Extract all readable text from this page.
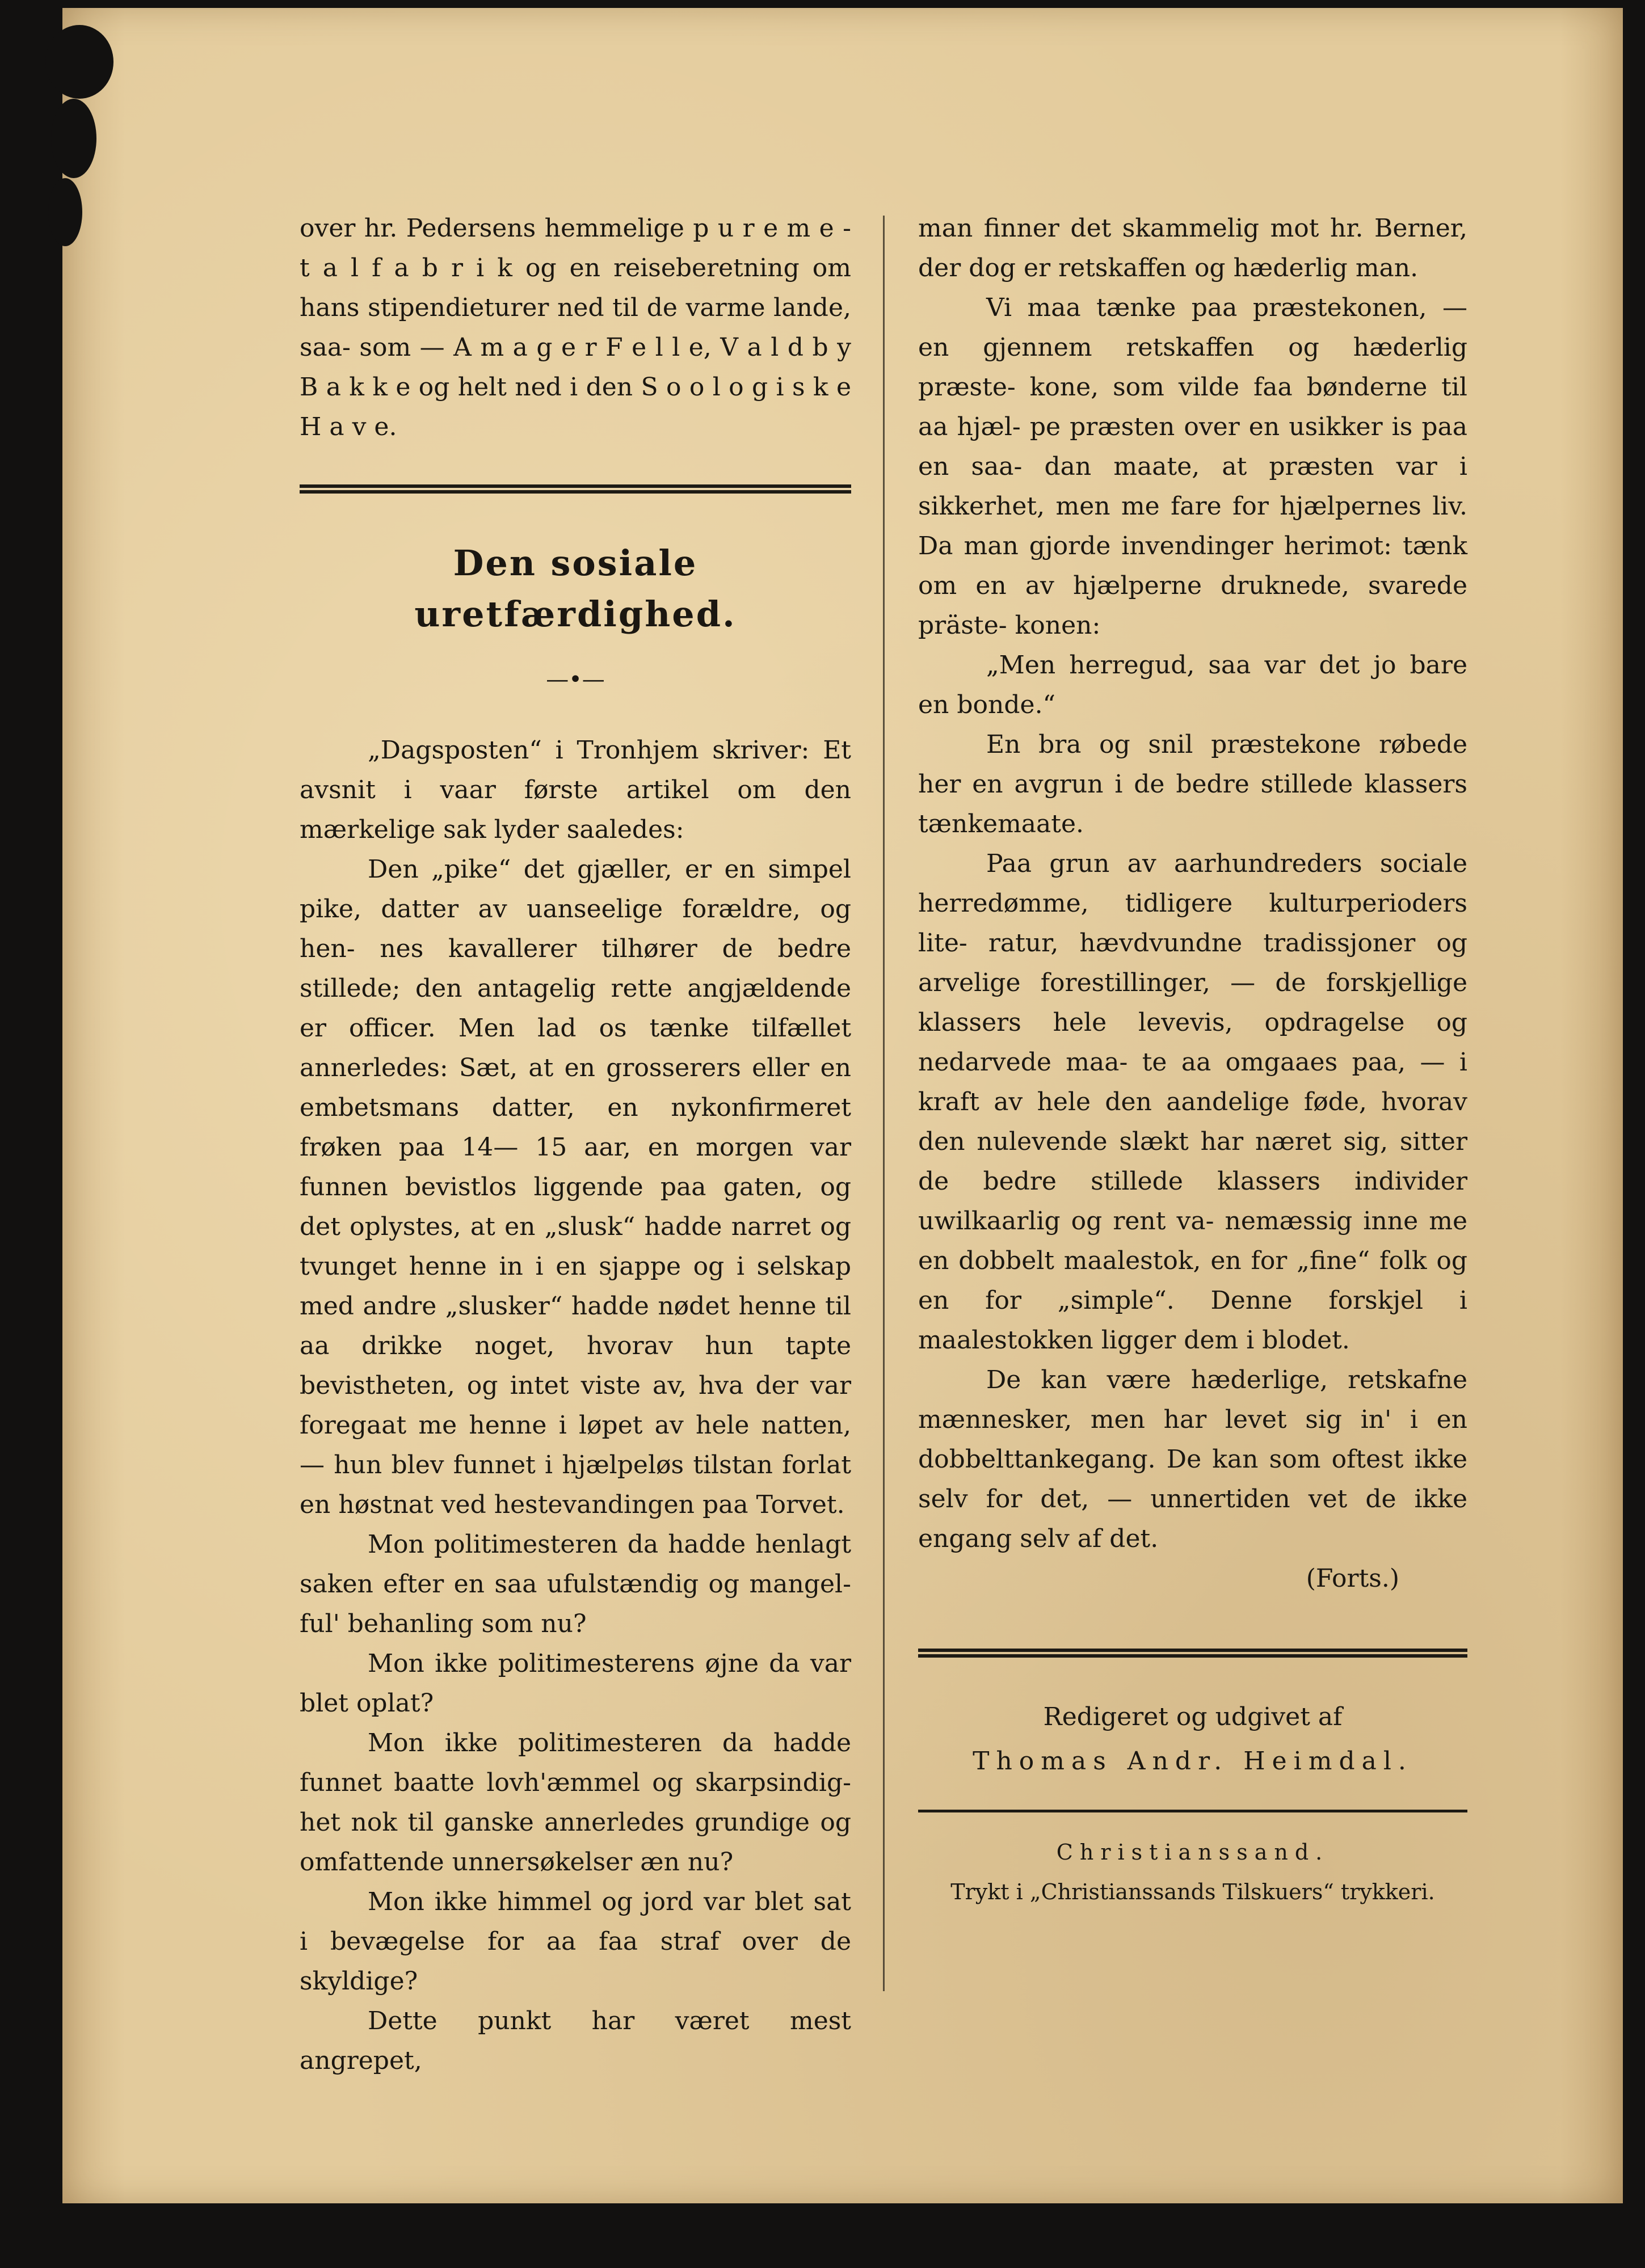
over hr. Pedersens hemmelige p u r e m e - t a l f a b r i k og en reiseberetning om hans stipendieturer ned til de varme lande, saa- som — A m a g e r F e l l e, V a l d b y B a k k e og helt ned i den S o o l o g i s k e H a v e.

Den sosiale uretfærdighed.
—•—

„Dagsposten“ i Tronhjem skriver: Et avsnit i vaar første artikel om den mærkelige sak lyder saaledes:

Den „pike“ det gjæller, er en simpel pike, datter av uanseelige forældre, og hen- nes kavallerer tilhører de bedre stillede; den antagelig rette angjældende er officer. Men lad os tænke tilfællet annerledes: Sæt, at en grosserers eller en embetsmans datter, en nykonfirmeret frøken paa 14— 15 aar, en morgen var funnen bevistlos liggende paa gaten, og det oplystes, at en „slusk“ hadde narret og tvunget henne in i en sjappe og i selskap med andre „slusker“ hadde nødet henne til aa drikke noget, hvorav hun tapte bevistheten, og intet viste av, hva der var foregaat me henne i løpet av hele natten, — hun blev funnet i hjælpeløs tilstan forlat en høstnat ved hestevandingen paa Torvet.

Mon politimesteren da hadde henlagt saken efter en saa ufulstændig og mangel- ful' behanling som nu?

Mon ikke politimesterens øjne da var blet oplat?

Mon ikke politimesteren da hadde funnet baatte lovh'æmmel og skarpsindig- het nok til ganske annerledes grundige og omfattende unnersøkelser æn nu?

Mon ikke himmel og jord var blet sat i bevægelse for aa faa straf over de skyldige?

Dette punkt har været mest angrepet,

man finner det skammelig mot hr. Berner, der dog er retskaffen og hæderlig man.

Vi maa tænke paa præstekonen, — en gjennem retskaffen og hæderlig præste- kone, som vilde faa bønderne til aa hjæl- pe præsten over en usikker is paa en saa- dan maate, at præsten var i sikkerhet, men me fare for hjælpernes liv. Da man gjorde invendinger herimot: tænk om en av hjælperne druknede, svarede präste- konen:

„Men herregud, saa var det jo bare en bonde.“

En bra og snil præstekone røbede her en avgrun i de bedre stillede klassers tænkemaate.

Paa grun av aarhundreders sociale herredømme, tidligere kulturperioders lite- ratur, hævdvundne tradissjoner og arvelige forestillinger, — de forskjellige klassers hele levevis, opdragelse og nedarvede maa- te aa omgaaes paa, — i kraft av hele den aandelige føde, hvorav den nulevende slækt har næret sig, sitter de bedre stillede klassers individer uwilkaarlig og rent va- nemæssig inne me en dobbelt maalestok, en for „fine“ folk og en for „simple“. Denne forskjel i maalestokken ligger dem i blodet.

De kan være hæderlige, retskafne mænnesker, men har levet sig in' i en dobbelttankegang. De kan som oftest ikke selv for det, — unnertiden vet de ikke engang selv af det.

(Forts.)
Redigeret og udgivet af
Thomas Andr. Heimdal.
Christianssand.
Trykt i „Christianssands Tilskuers“ trykkeri.
